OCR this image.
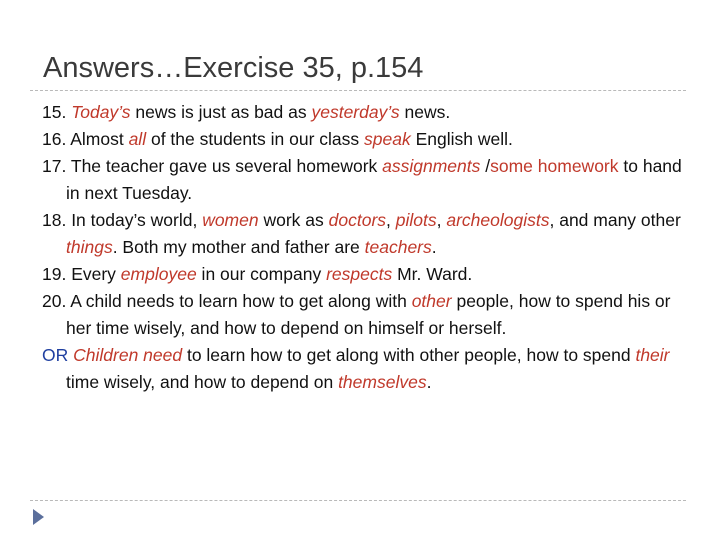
Answers…Exercise 35, p.154

15. Today’s news is just as bad as yesterday’s news.

16. Almost all of the students in our class speak English well.

17. The teacher gave us several homework assignments /some homework to hand in next Tuesday.

18. In today’s world, women work as doctors, pilots, archeologists, and many other things. Both my mother and father are teachers.

19. Every employee in our company respects Mr. Ward.

20. A child needs to learn how to get along with other people, how to spend his or her time wisely, and how to depend on himself or herself.

OR Children need to learn how to get along with other people, how to spend their time wisely, and how to depend on themselves.
